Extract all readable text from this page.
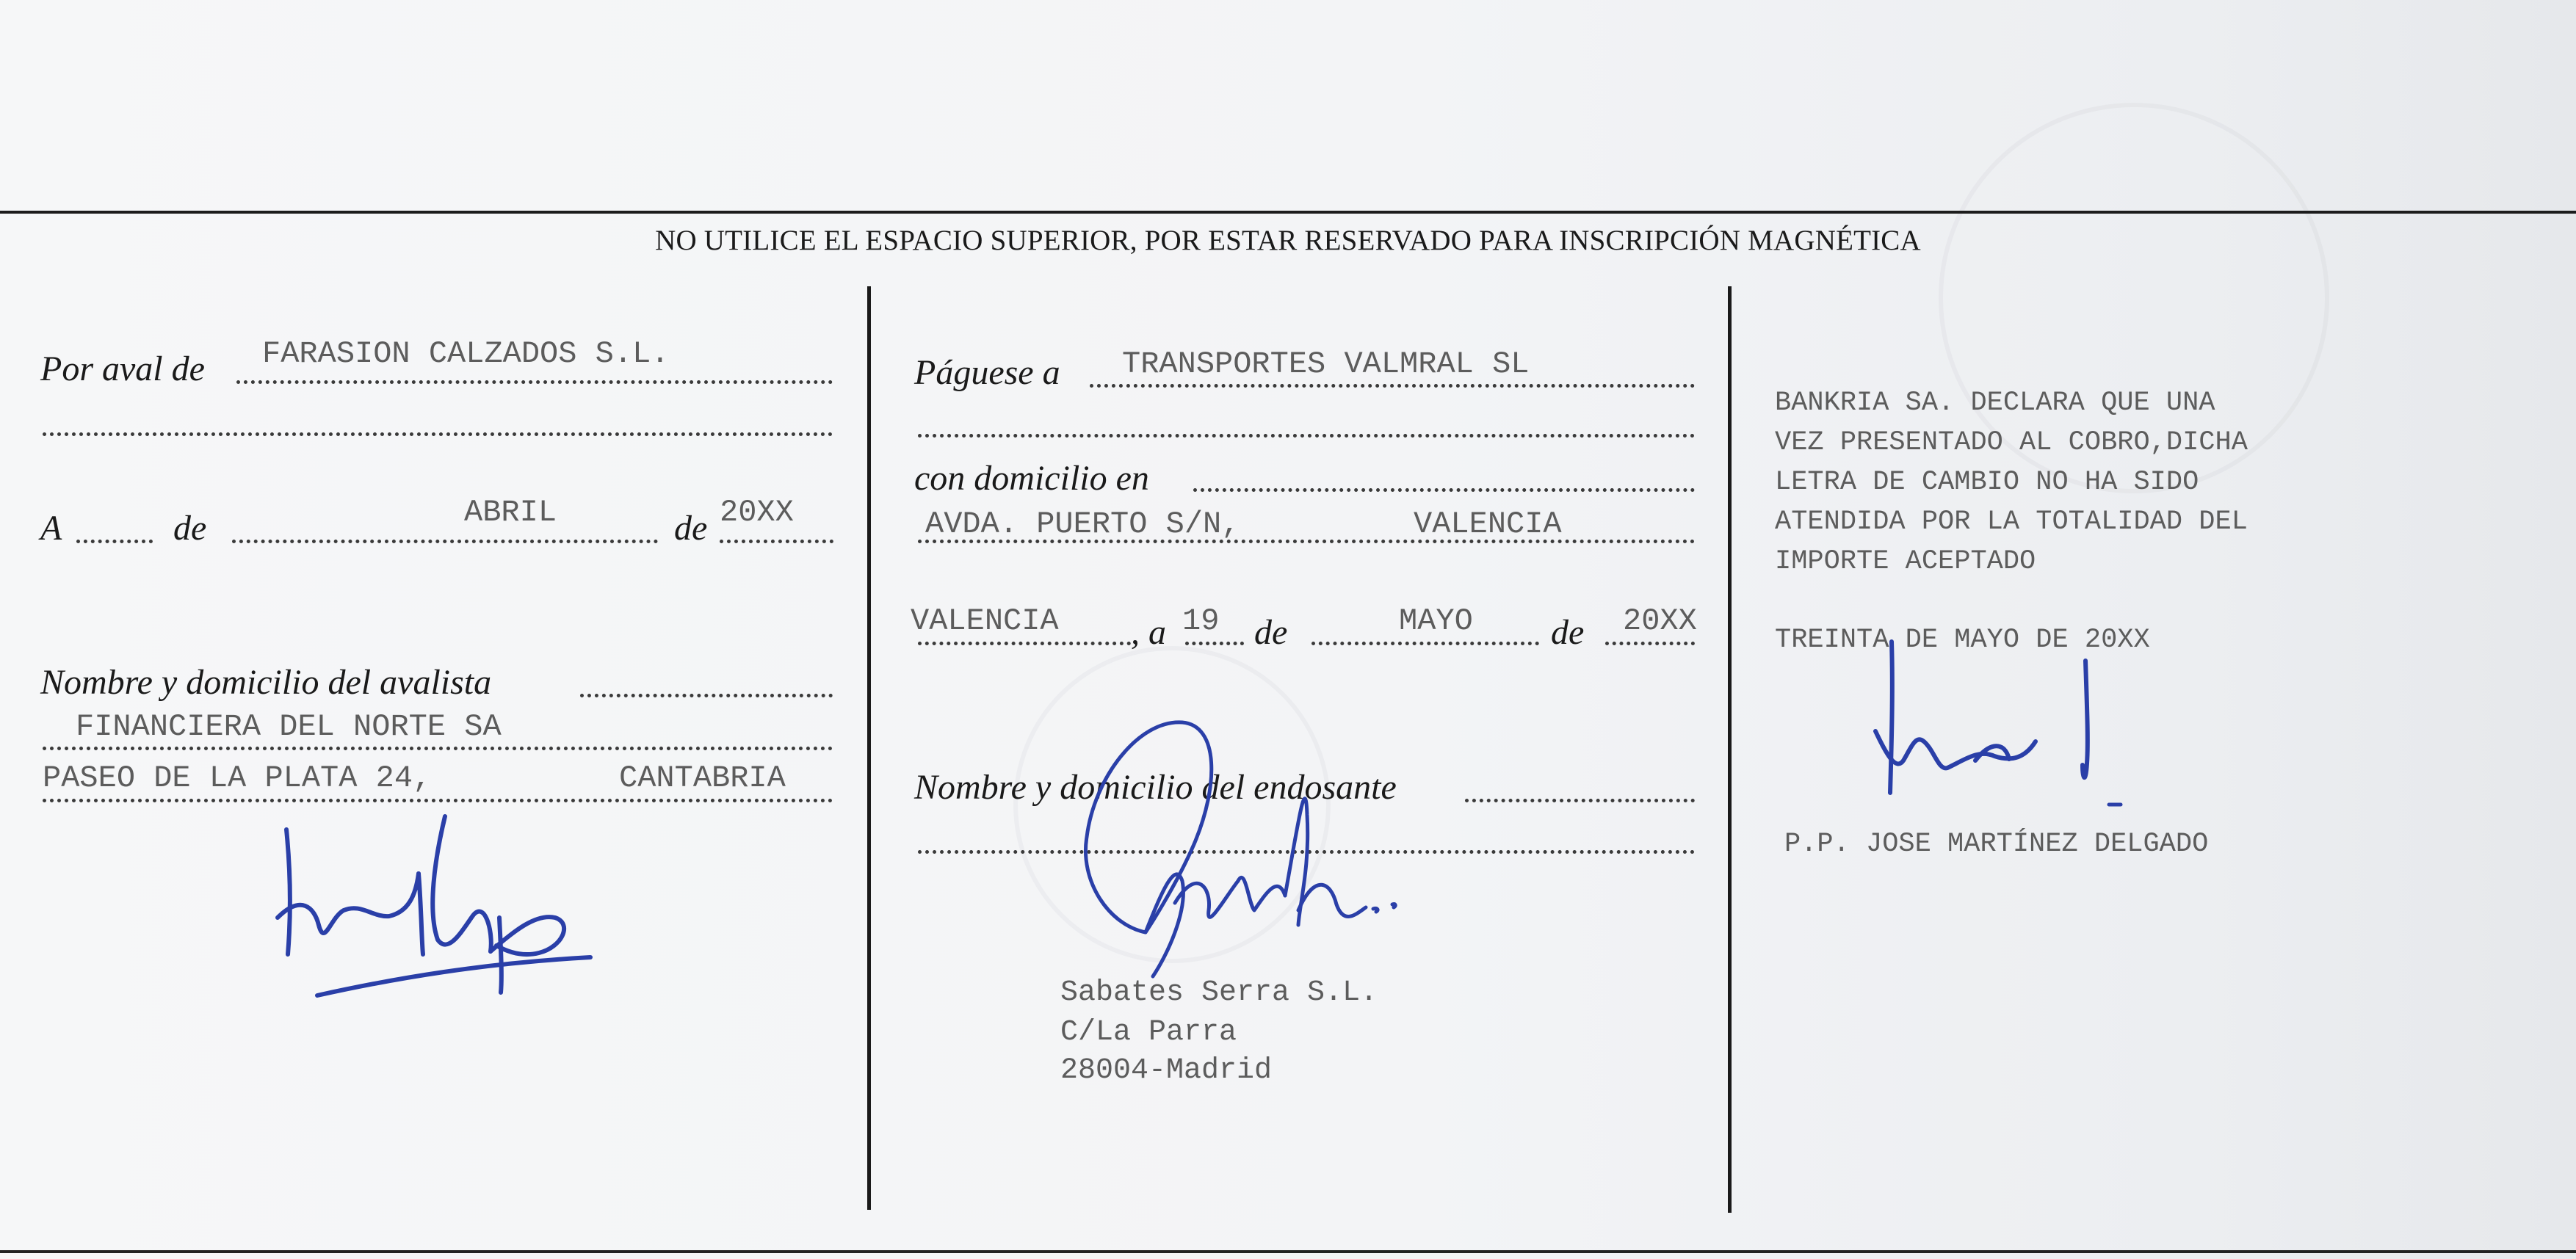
NO UTILICE EL ESPACIO SUPERIOR, POR ESTAR RESERVADO PARA INSCRIPCIÓN MAGNÉTICA
Por aval de FARASION CALZADOS S.L.
A	de	ABRIL	de 20XX
Nombre y domicilio del avalista
FINANCIERA DEL NORTE SA
PASEO DE LA PLATA 24,	CANTABRIA
Páguese a TRANSPORTES VALMRAL SL
con domicilio en
AVDA. PUERTO S/N,	VALENCIA
VALENCIA , a 19 de	MAYO de 20XX
Nombre y domicilio del endosante
Sabates Serra S.L.
C/La Parra
28004-Madrid
BANKRIA SA. DECLARA QUE UNA
VEZ PRESENTADO AL COBRO,DICHA
LETRA DE CAMBIO NO HA SIDO
ATENDIDA POR LA TOTALIDAD DEL
IMPORTE ACEPTADO
TREINTA DE MAYO DE 20XX
P.P. JOSE MARTÍNEZ DELGADO
